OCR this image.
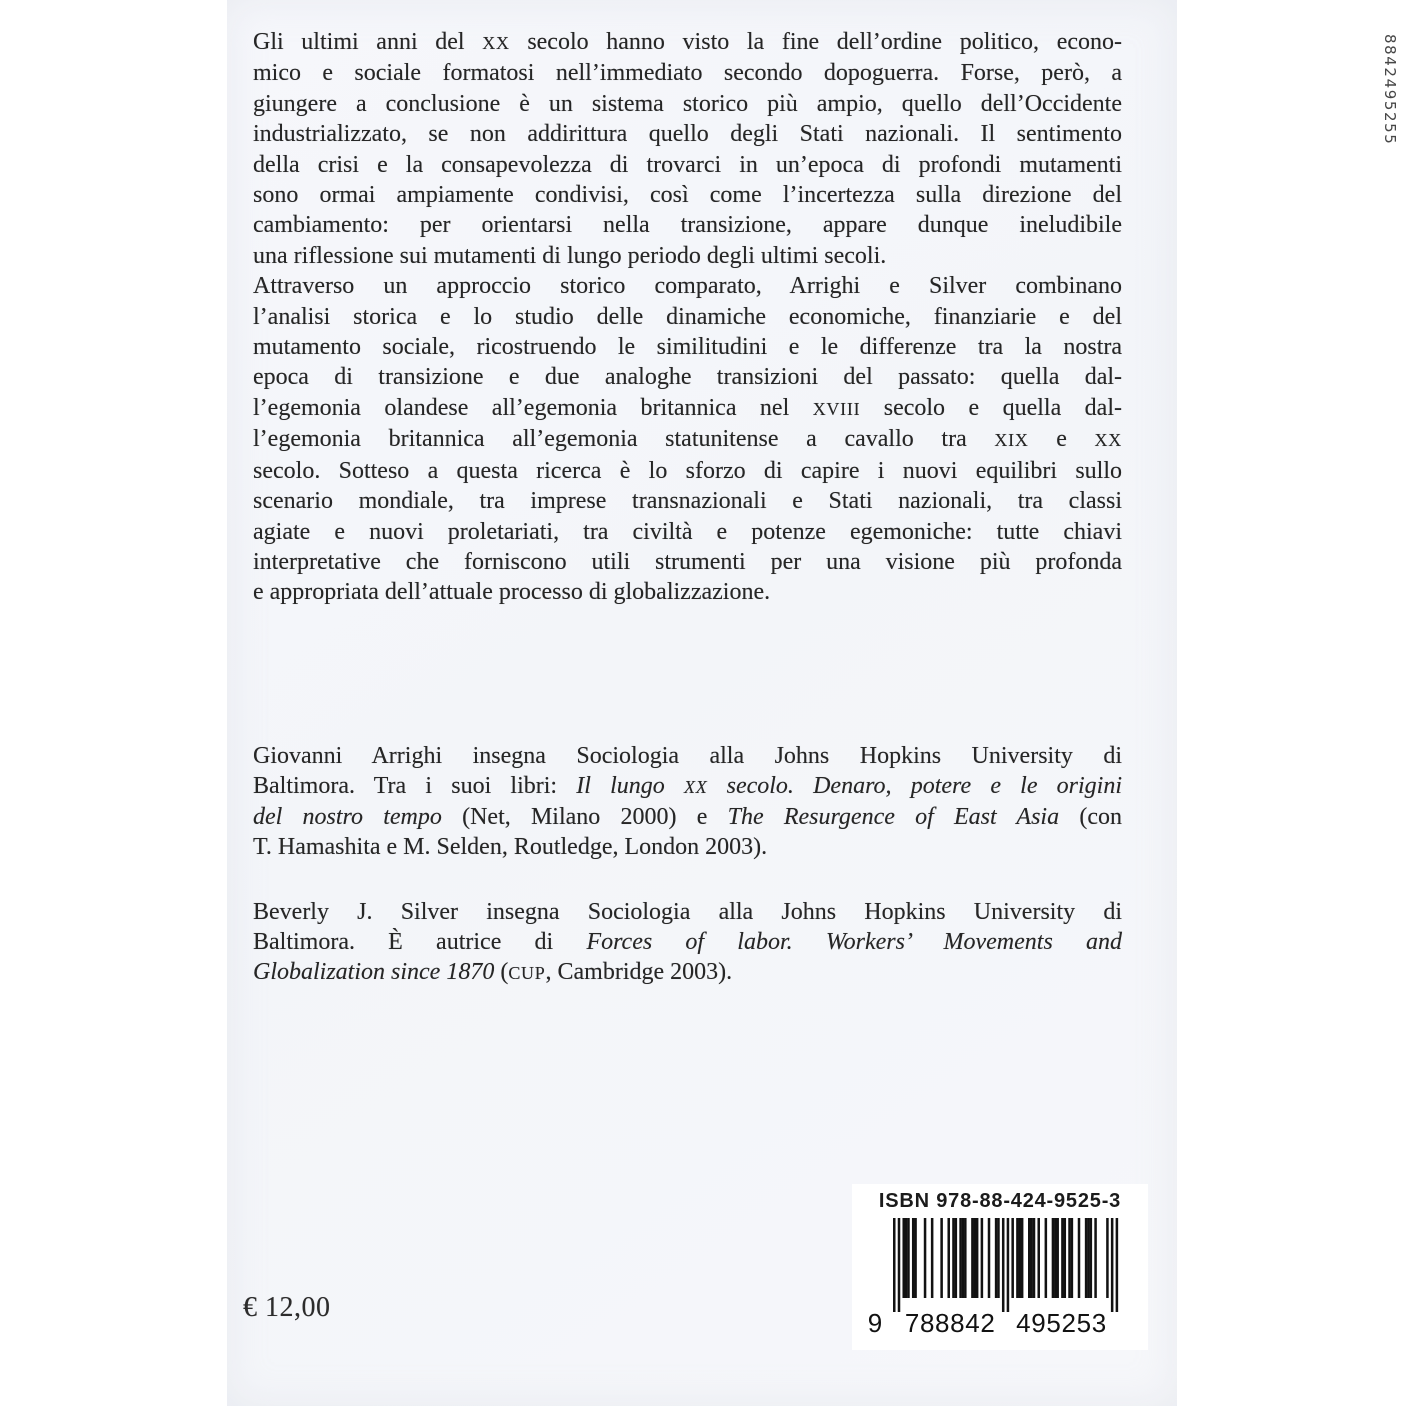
Gli ultimi anni del XX secolo hanno visto la fine dell’ordine politico, econo-
mico e sociale formatosi nell’immediato secondo dopoguerra. Forse, però, a
giungere a conclusione è un sistema storico più ampio, quello dell’Occidente
industrializzato, se non addirittura quello degli Stati nazionali. Il sentimento
della crisi e la consapevolezza di trovarci in un’epoca di profondi mutamenti
sono ormai ampiamente condivisi, così come l’incertezza sulla direzione del
cambiamento: per orientarsi nella transizione, appare dunque ineludibile
una riflessione sui mutamenti di lungo periodo degli ultimi secoli.
Attraverso un approccio storico comparato, Arrighi e Silver combinano
l’analisi storica e lo studio delle dinamiche economiche, finanziarie e del
mutamento sociale, ricostruendo le similitudini e le differenze tra la nostra
epoca di transizione e due analoghe transizioni del passato: quella dal-
l’egemonia olandese all’egemonia britannica nel XVIII secolo e quella dal-
l’egemonia britannica all’egemonia statunitense a cavallo tra XIX e XX
secolo. Sotteso a questa ricerca è lo sforzo di capire i nuovi equilibri sullo
scenario mondiale, tra imprese transnazionali e Stati nazionali, tra classi
agiate e nuovi proletariati, tra civiltà e potenze egemoniche: tutte chiavi
interpretative che forniscono utili strumenti per una visione più profonda
e appropriata dell’attuale processo di globalizzazione.
Giovanni Arrighi insegna Sociologia alla Johns Hopkins University di
Baltimora. Tra i suoi libri: Il lungo XX secolo. Denaro, potere e le origini
del nostro tempo (Net, Milano 2000) e The Resurgence of East Asia (con
T. Hamashita e M. Selden, Routledge, London 2003).
Beverly J. Silver insegna Sociologia alla Johns Hopkins University di
Baltimora. È autrice di Forces of labor. Workers’ Movements and
Globalization since 1870 (CUP, Cambridge 2003).
8842495255
ISBN 978-88-424-9525-3
9 788842 495253
€ 12,00
